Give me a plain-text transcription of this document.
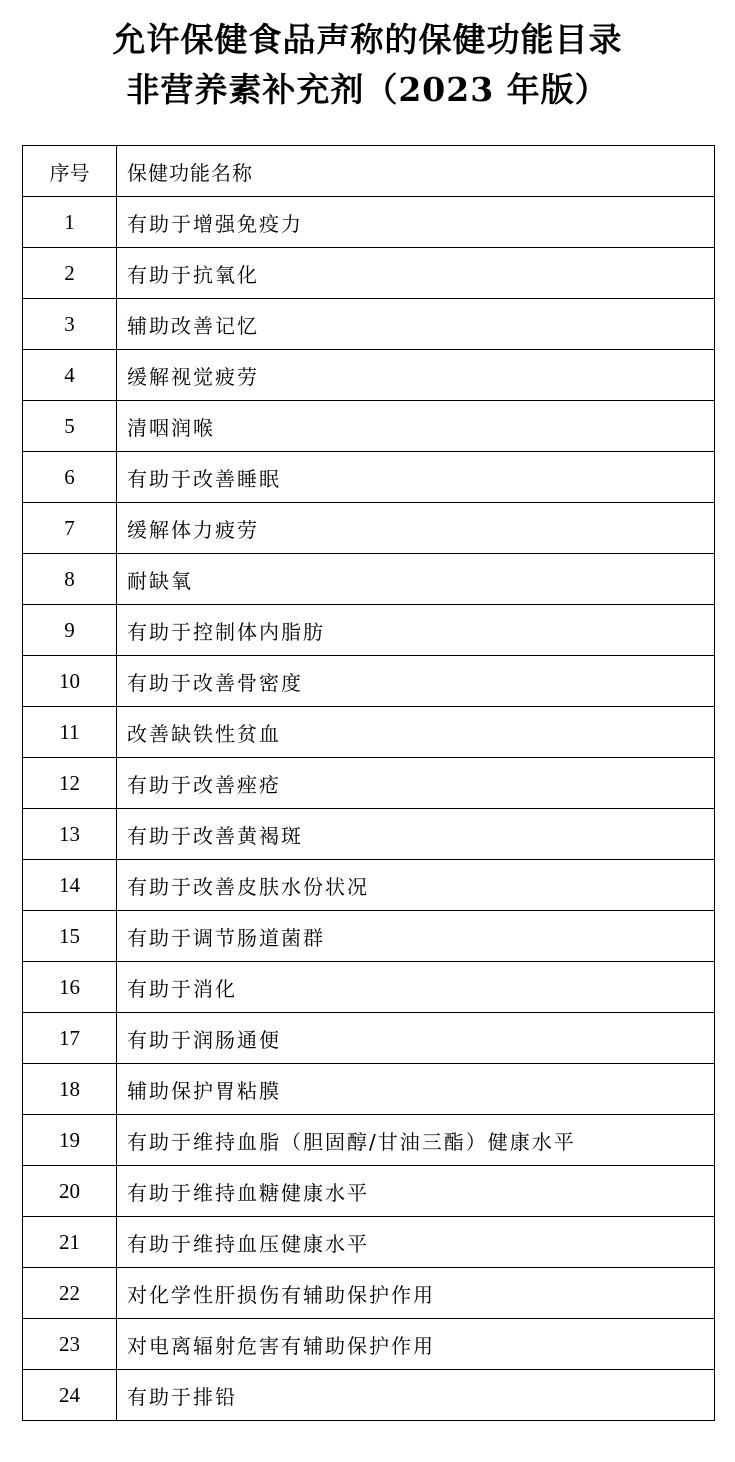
允许保健食品声称的保健功能目录
非营养素补充剂（2023 年版）
序号	保健功能名称
1	有助于增强免疫力
2	有助于抗氧化
3	辅助改善记忆
4	缓解视觉疲劳
5	清咽润喉
6	有助于改善睡眠
7	缓解体力疲劳
8	耐缺氧
9	有助于控制体内脂肪
10	有助于改善骨密度
11	改善缺铁性贫血
12	有助于改善痤疮
13	有助于改善黄褐斑
14	有助于改善皮肤水份状况
15	有助于调节肠道菌群
16	有助于消化
17	有助于润肠通便
18	辅助保护胃粘膜
19	有助于维持血脂（胆固醇/甘油三酯）健康水平
20	有助于维持血糖健康水平
21	有助于维持血压健康水平
22	对化学性肝损伤有辅助保护作用
23	对电离辐射危害有辅助保护作用
24	有助于排铅
